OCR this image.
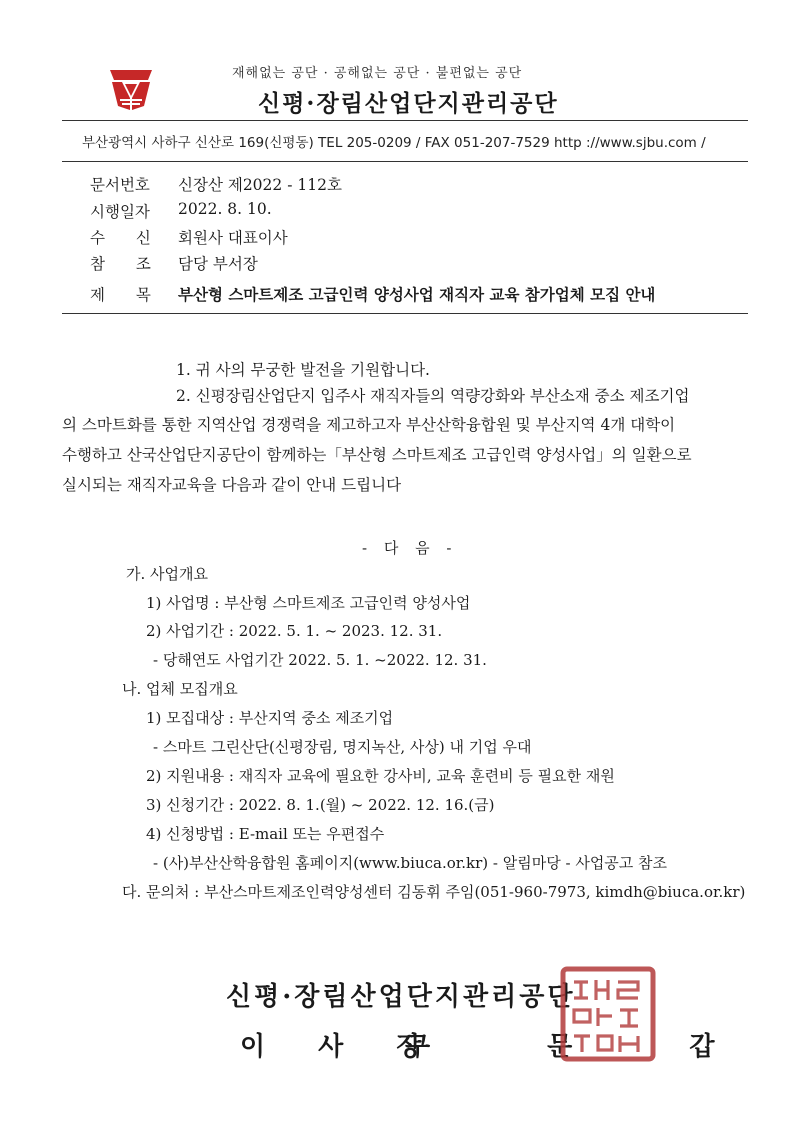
재해없는 공단 · 공해없는 공단 · 불편없는 공단
신평·장림산업단지관리공단
부산광역시 사하구 신산로 169(신평동) TEL 205-0209 / FAX 051-207-7529 http ://www.sjbu.com /
문서번호	신장산 제2022 - 112호
시행일자	2022. 8. 10.
수 신 회원사 대표이사
참 조 담당 부서장
제 목 부산형 스마트제조 고급인력 양성사업 재직자 교육 참가업체 모집 안내
1. 귀 사의 무궁한 발전을 기원합니다.
2. 신평장림산업단지 입주사 재직자들의 역량강화와 부산소재 중소 제조기업
의 스마트화를 통한 지역산업 경쟁력을 제고하고자 부산산학융합원 및 부산지역 4개 대학이
수행하고 산국산업단지공단이 함께하는「부산형 스마트제조 고급인력 양성사업」의 일환으로
실시되는 재직자교육을 다음과 같이 안내 드립니다
- 다 음 -
가. 사업개요
1) 사업명 : 부산형 스마트제조 고급인력 양성사업
2) 사업기간 : 2022. 5. 1. ~ 2023. 12. 31.
- 당해연도 사업기간 2022. 5. 1. ~2022. 12. 31.
나. 업체 모집개요
1) 모집대상 : 부산지역 중소 제조기업
- 스마트 그린산단(신평장림, 명지녹산, 사상) 내 기업 우대
2) 지원내용 : 재직자 교육에 필요한 강사비, 교육 훈련비 등 필요한 재원
3) 신청기간 : 2022. 8. 1.(월) ~ 2022. 12. 16.(금)
4) 신청방법 : E-mail 또는 우편접수
- (사)부산산학융합원 홈페이지(www.biuca.or.kr) - 알림마당 - 사업공고 참조
다. 문의처 : 부산스마트제조인력양성센터 김동휘 주임(051-960-7973, kimdh@biuca.or.kr)
신평·장림산업단지관리공단
이 사 장
구 문 갑
